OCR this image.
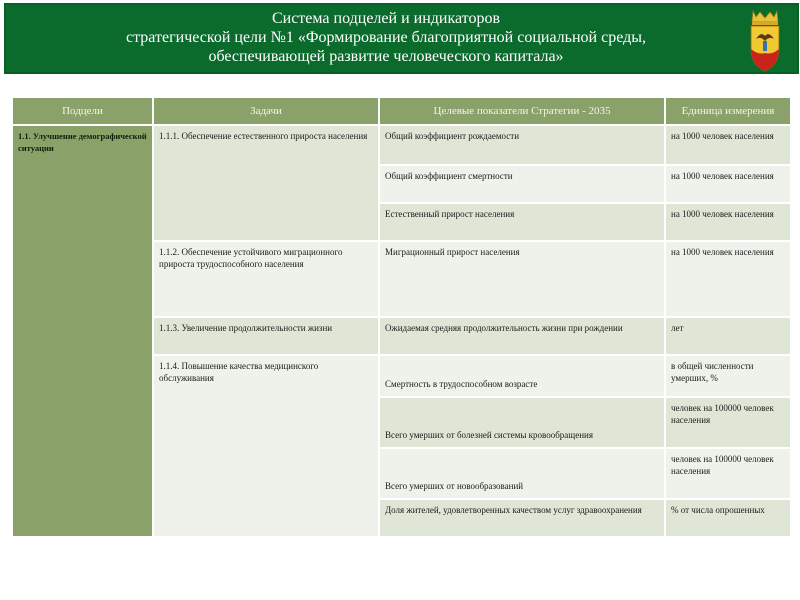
Система подцелей и индикаторов
стратегической цели №1 «Формирование благоприятной социальной среды,
обеспечивающей развитие человеческого капитала»
Подцели	Задачи	Целевые показатели Стратегии - 2035	Единица измерения
1.1. Улучшение демографической ситуации	1.1.1. Обеспечение естественного прироста населения	Общий коэффициент рождаемости	на 1000 человек населения
		Общий коэффициент смертности	на 1000 человек населения
		Естественный прирост населения	на 1000 человек населения
	1.1.2. Обеспечение устойчивого миграционного прироста трудоспособного населения	Миграционный прирост населения	на 1000 человек населения
	1.1.3. Увеличение продолжительности жизни	Ожидаемая средняя продолжительность жизни при рождении	лет
	1.1.4. Повышение качества медицинского обслуживания	Смертность в трудоспособном возрасте	в общей численности умерших, %
		Всего умерших от болезней системы кровообращения	человек на 100000 человек населения
		Всего умерших от новообразований	человек на 100000 человек населения
		Доля жителей, удовлетворенных качеством услуг здравоохранения	% от числа опрошенных
